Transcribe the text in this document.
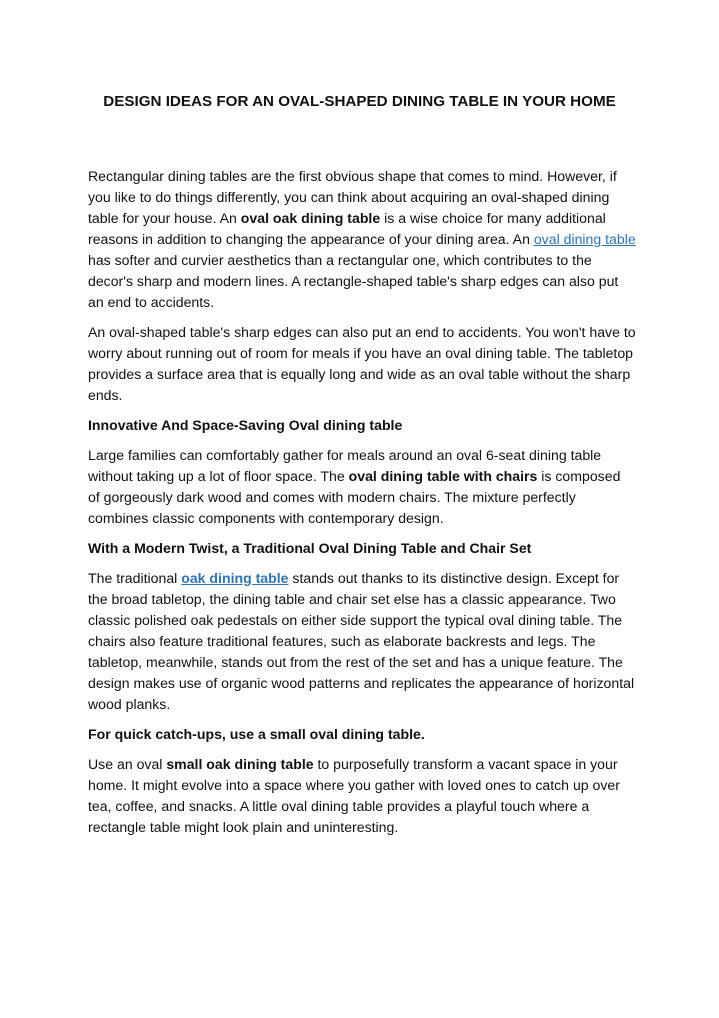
DESIGN IDEAS FOR AN OVAL-SHAPED DINING TABLE IN YOUR HOME

Rectangular dining tables are the first obvious shape that comes to mind. However, if you like to do things differently, you can think about acquiring an oval-shaped dining table for your house. An oval oak dining table is a wise choice for many additional reasons in addition to changing the appearance of your dining area. An oval dining table has softer and curvier aesthetics than a rectangular one, which contributes to the decor's sharp and modern lines. A rectangle-shaped table's sharp edges can also put an end to accidents.

An oval-shaped table's sharp edges can also put an end to accidents. You won't have to worry about running out of room for meals if you have an oval dining table. The tabletop provides a surface area that is equally long and wide as an oval table without the sharp ends.

Innovative And Space-Saving Oval dining table

Large families can comfortably gather for meals around an oval 6-seat dining table without taking up a lot of floor space. The oval dining table with chairs is composed of gorgeously dark wood and comes with modern chairs. The mixture perfectly combines classic components with contemporary design.

With a Modern Twist, a Traditional Oval Dining Table and Chair Set

The traditional oak dining table stands out thanks to its distinctive design. Except for the broad tabletop, the dining table and chair set else has a classic appearance. Two classic polished oak pedestals on either side support the typical oval dining table. The chairs also feature traditional features, such as elaborate backrests and legs. The tabletop, meanwhile, stands out from the rest of the set and has a unique feature. The design makes use of organic wood patterns and replicates the appearance of horizontal wood planks.

For quick catch-ups, use a small oval dining table.

Use an oval small oak dining table to purposefully transform a vacant space in your home. It might evolve into a space where you gather with loved ones to catch up over tea, coffee, and snacks. A little oval dining table provides a playful touch where a rectangle table might look plain and uninteresting.
